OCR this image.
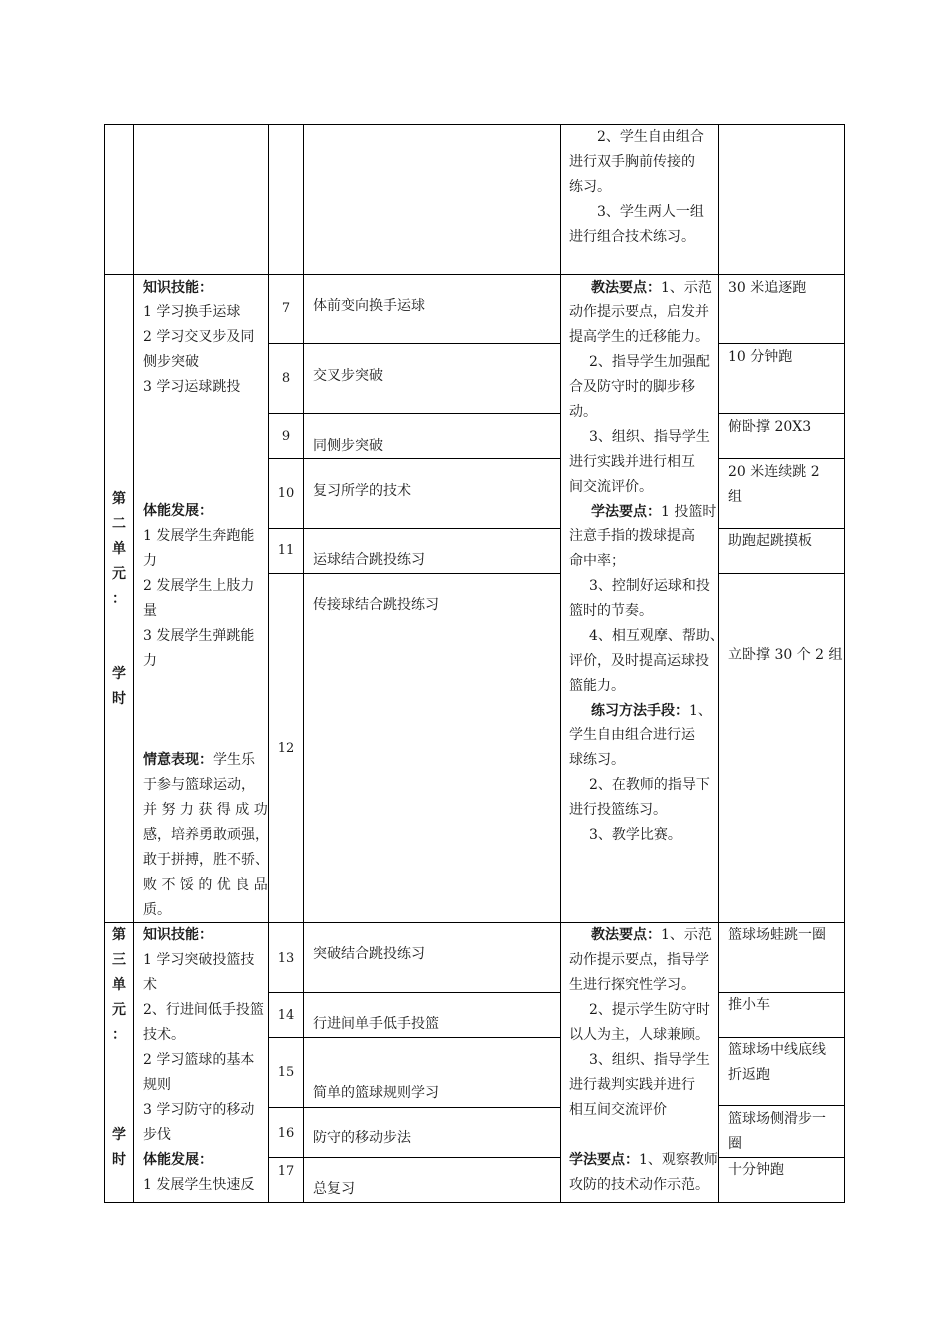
2、学生自由组合
进行双手胸前传接的
练习。
3、学生两人一组
进行组合技术练习。
第
二
单
元
：
学
时
知识技能：
1 学习换手运球
2 学习交叉步及同
侧步突破
3 学习运球跳投
体能发展：
1 发展学生奔跑能
力
2 发展学生上肢力
量
3 发展学生弹跳能
力
情意表现：学生乐
于参与篮球运动，
并 努 力 获 得 成 功
感，培养勇敢顽强，
敢于拼搏，胜不骄、
败 不 馁 的 优 良 品
质。
7
8
9
10
11
12
体前变向换手运球
交叉步突破
同侧步突破
复习所学的技术
运球结合跳投练习
传接球结合跳投练习
教法要点：1、示范
动作提示要点，启发并
提高学生的迁移能力。
2、指导学生加强配
合及防守时的脚步移
动。
3、组织、指导学生
进行实践并进行相互
间交流评价。
学法要点：1 投篮时
注意手指的拨球提高
命中率；
3、控制好运球和投
篮时的节奏。
4、相互观摩、帮助、
评价，及时提高运球投
篮能力。
练习方法手段：1、
学生自由组合进行运
球练习。
2、在教师的指导下
进行投篮练习。
3、教学比赛。
30 米追逐跑
10 分钟跑
俯卧撑 20X3
20 米连续跳 2
组
助跑起跳摸板
立卧撑 30 个 2 组
第
三
单
元
：
学
时
知识技能：
1 学习突破投篮技
术
2、行进间低手投篮
技术。
2 学习篮球的基本
规则
3 学习防守的移动
步伐
体能发展：
1 发展学生快速反
13
14
15
16
17
突破结合跳投练习
行进间单手低手投篮
简单的篮球规则学习
防守的移动步法
总复习
教法要点：1、示范
动作提示要点，指导学
生进行探究性学习。
2、提示学生防守时
以人为主，人球兼顾。
3、组织、指导学生
进行裁判实践并进行
相互间交流评价
学法要点：1、观察教师
攻防的技术动作示范。
篮球场蛙跳一圈
推小车
篮球场中线底线
折返跑
篮球场侧滑步一
圈
十分钟跑
